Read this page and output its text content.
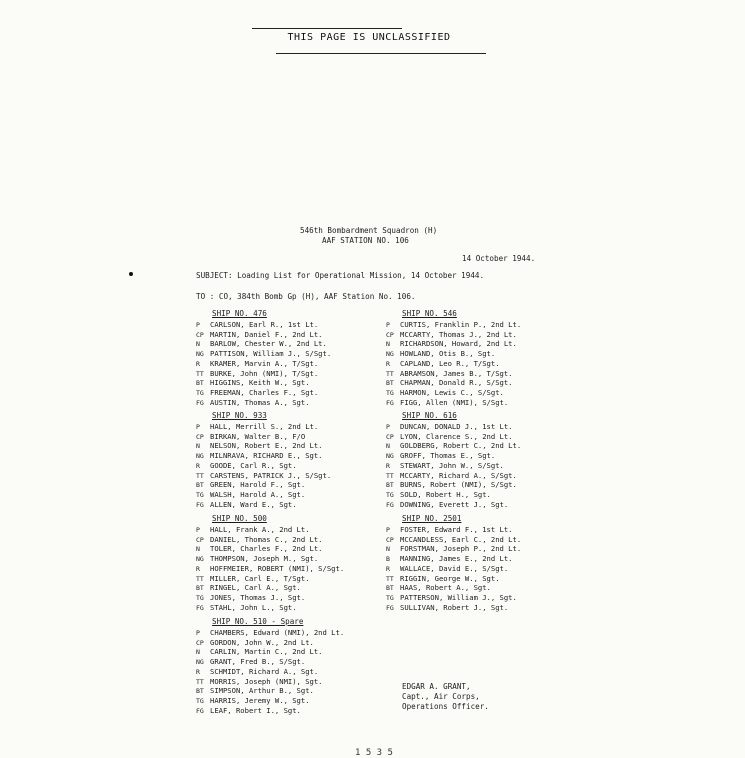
THIS PAGE IS UNCLASSIFIED
546th Bombardment Squadron (H)
AAF STATION NO. 106
14 October 1944.
SUBJECT: Loading List for Operational Mission, 14 October 1944.
TO : CO, 384th Bomb Gp (H), AAF Station No. 106.
SHIP NO. 476
P CARLSON, Earl R., 1st Lt.
CP MARTIN, Daniel F., 2nd Lt.
N BARLOW, Chester W., 2nd Lt.
NG PATTISON, William J., S/Sgt.
R KRAMER, Marvin A., T/Sgt.
TT BURKE, John (NMI), T/Sgt.
BT HIGGINS, Keith W., Sgt.
TG FREEMAN, Charles F., Sgt.
FG AUSTIN, Thomas A., Sgt.
SHIP NO. 546
P CURTIS, Franklin P., 2nd Lt.
CP MCCARTY, Thomas J., 2nd Lt.
N RICHARDSON, Howard, 2nd Lt.
NG HOWLAND, Otis B., Sgt.
R CAPLAND, Leo R., T/Sgt.
TT ABRAMSON, James B., T/Sgt.
BT CHAPMAN, Donald R., S/Sgt.
TG HARMON, Lewis C., S/Sgt.
FG FIGG, Allen (NMI), S/Sgt.
SHIP NO. 933
P HALL, Merrill S., 2nd Lt.
CP BIRKAN, Walter B., F/O
N NELSON, Robert E., 2nd Lt.
NG MILNRAVA, RICHARD E., Sgt.
R GOODE, Carl R., Sgt.
TT CARSTENS, PATRICK J., S/Sgt.
BT GREEN, Harold F., Sgt.
TG WALSH, Harold A., Sgt.
FG ALLEN, Ward E., Sgt.
SHIP NO. 616
P DUNCAN, DONALD J., 1st Lt.
CP LYON, Clarence S., 2nd Lt.
N GOLDBERG, Robert C., 2nd Lt.
NG GROFF, Thomas E., Sgt.
R STEWART, John W., S/Sgt.
TT MCCARTY, Richard A., S/Sgt.
BT BURNS, Robert (NMI), S/Sgt.
TG SOLD, Robert H., Sgt.
FG DOWNING, Everett J., Sgt.
SHIP NO. 500
P HALL, Frank A., 2nd Lt.
CP DANIEL, Thomas C., 2nd Lt.
N TOLER, Charles F., 2nd Lt.
NG THOMPSON, Joseph M., Sgt.
R HOFFMEIER, ROBERT (NMI), S/Sgt.
TT MILLER, Carl E., T/Sgt.
BT RINGEL, Carl A., Sgt.
TG JONES, Thomas J., Sgt.
FG STAHL, John L., Sgt.
SHIP NO. 2501
P FOSTER, Edward F., 1st Lt.
CP MCCANDLESS, Earl C., 2nd Lt.
N FORSTMAN, Joseph P., 2nd Lt.
B MANNING, James E., 2nd Lt.
R WALLACE, David E., S/Sgt.
TT RIGGIN, George W., Sgt.
BT HAAS, Robert A., Sgt.
TG PATTERSON, William J., Sgt.
FG SULLIVAN, Robert J., Sgt.
SHIP NO. 510 - Spare
P CHAMBERS, Edward (NMI), 2nd Lt.
CP GORDON, John W., 2nd Lt.
N CARLIN, Martin C., 2nd Lt.
NG GRANT, Fred B., S/Sgt.
R SCHMIDT, Richard A., Sgt.
TT MORRIS, Joseph (NMI), Sgt.
BT SIMPSON, Arthur B., Sgt.
TG HARRIS, Jeremy W., Sgt.
FG LEAF, Robert I., Sgt.
EDGAR A. GRANT,
Capt., Air Corps,
Operations Officer.
1 5 3 5
